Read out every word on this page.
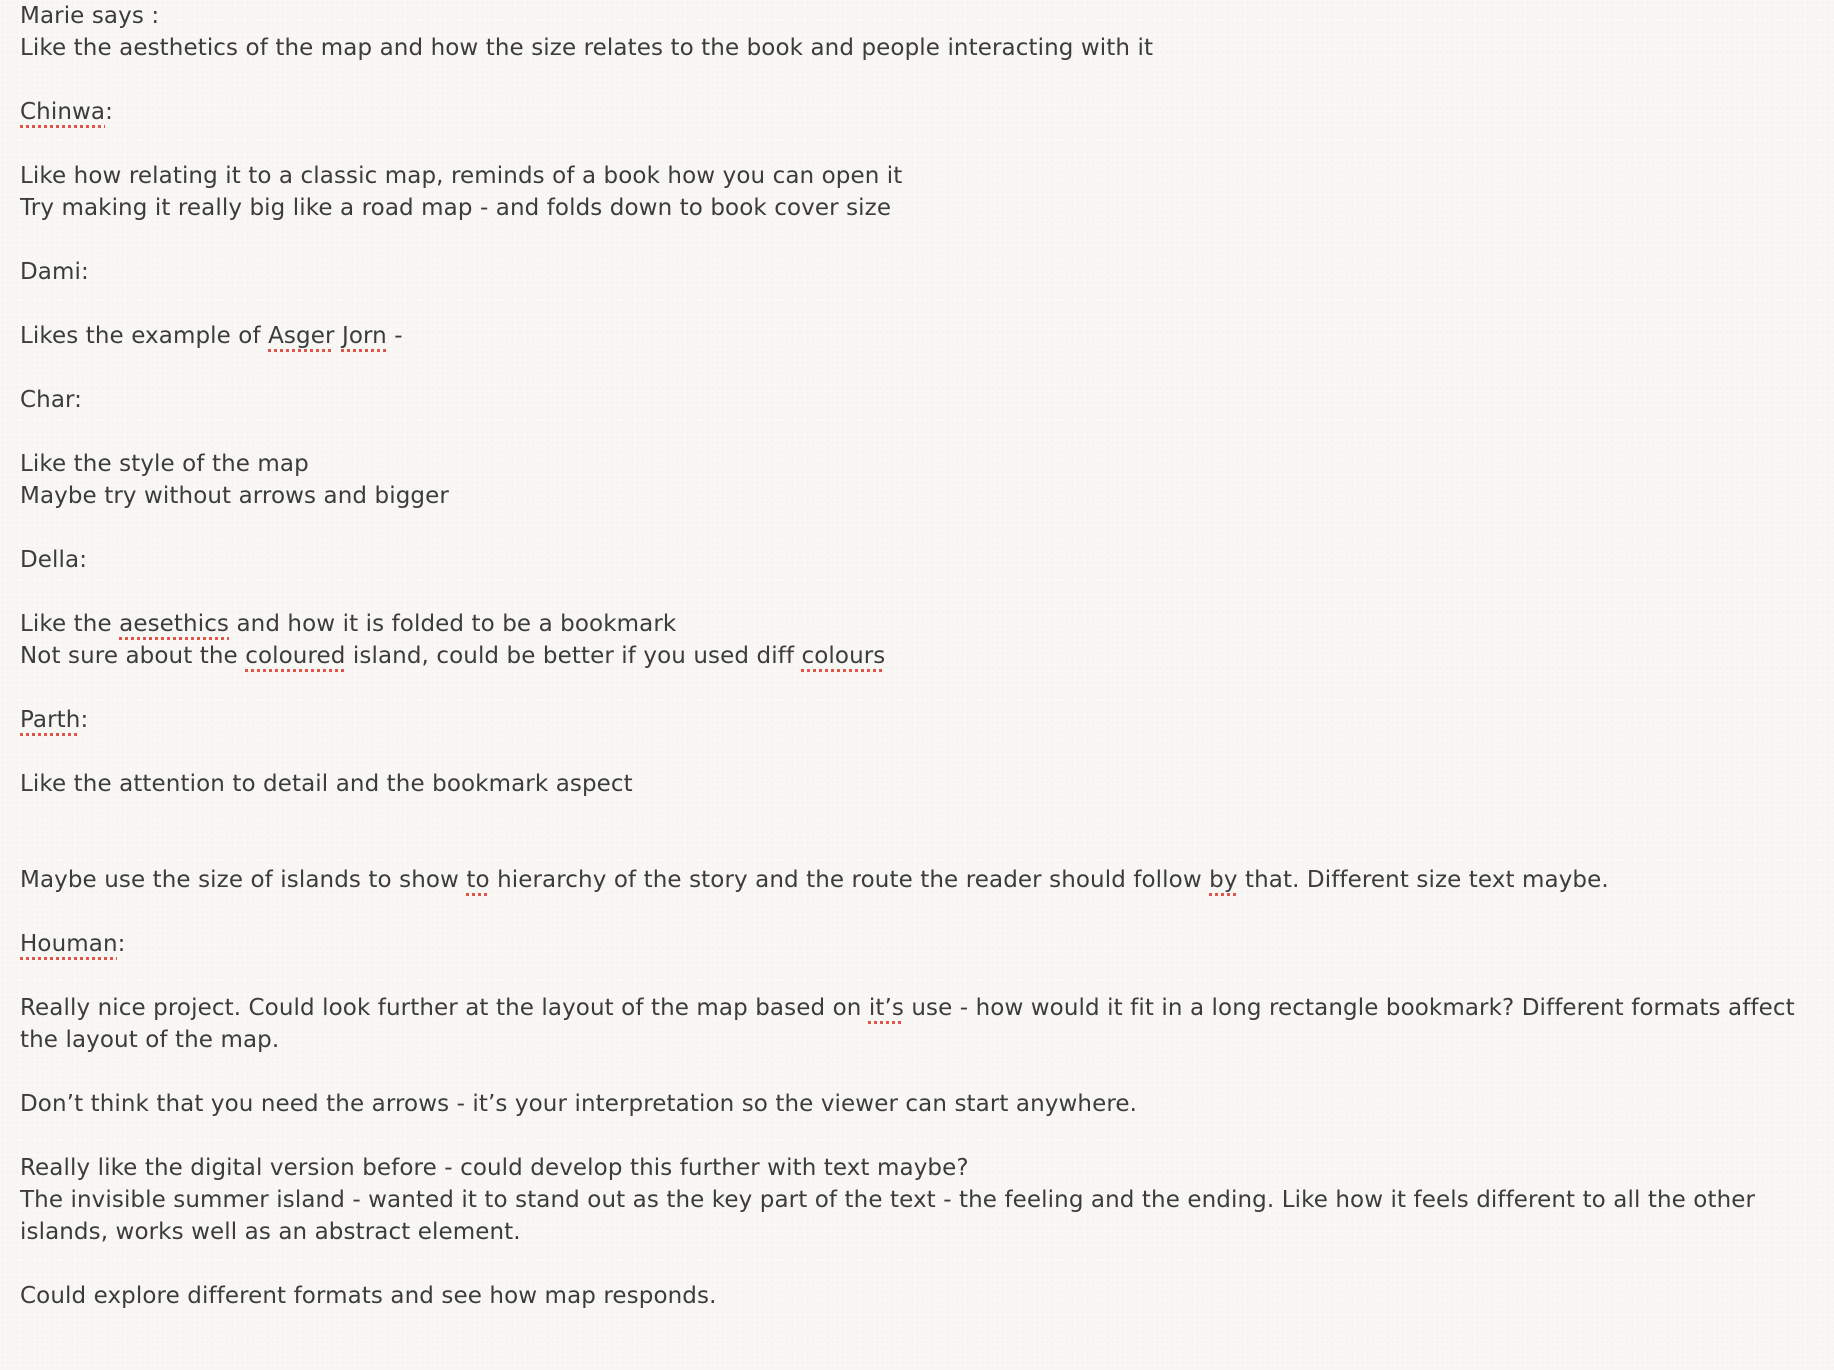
Marie says :
Like the aesthetics of the map and how the size relates to the book and people interacting with it
Chinwa:
Like how relating it to a classic map, reminds of a book how you can open it
Try making it really big like a road map - and folds down to book cover size
Dami:
Likes the example of Asger Jorn -
Char:
Like the style of the map
Maybe try without arrows and bigger
Della:
Like the aesethics and how it is folded to be a bookmark
Not sure about the coloured island, could be better if you used diff colours
Parth:
Like the attention to detail and the bookmark aspect
Maybe use the size of islands to show to hierarchy of the story and the route the reader should follow by that. Different size text maybe.
Houman:
Really nice project. Could look further at the layout of the map based on it’s use - how would it fit in a long rectangle bookmark? Different formats affect the layout of the map.
Don’t think that you need the arrows - it’s your interpretation so the viewer can start anywhere.
Really like the digital version before - could develop this further with text maybe?
The invisible summer island - wanted it to stand out as the key part of the text - the feeling and the ending. Like how it feels different to all the other islands, works well as an abstract element.
Could explore different formats and see how map responds.
